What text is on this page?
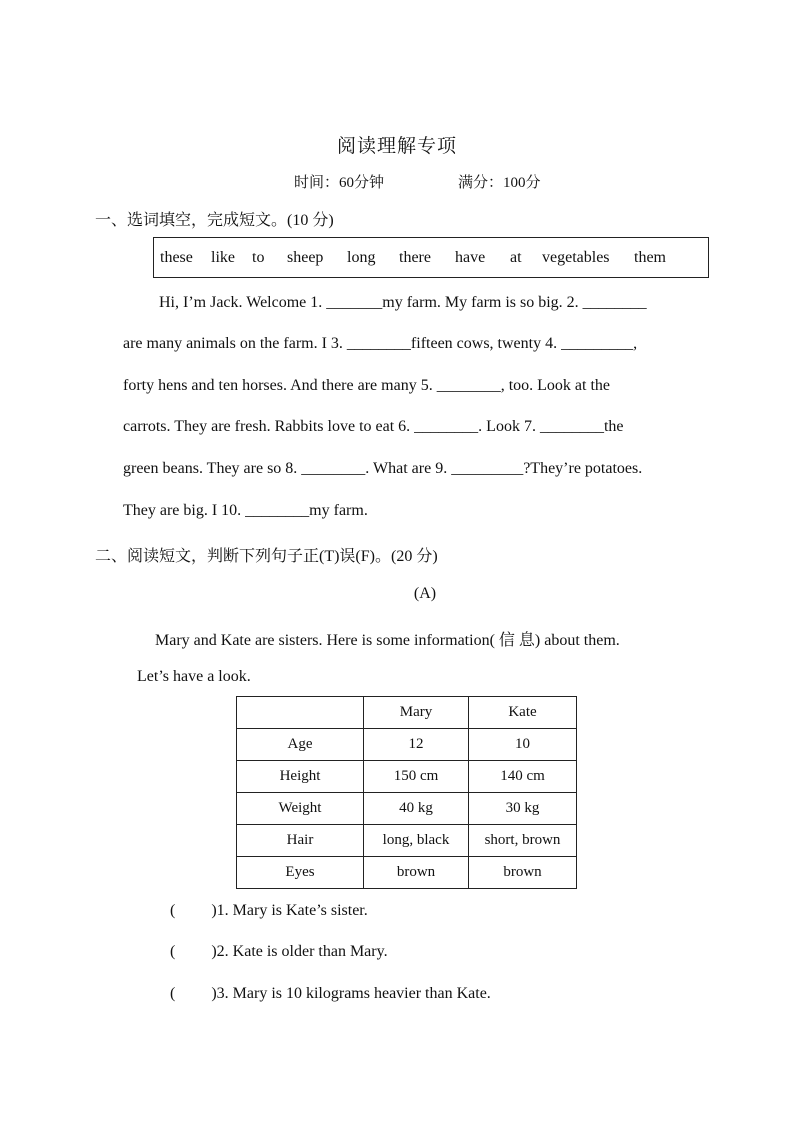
阅读理解专项
时间：60分钟	满分：100分
一、选词填空，完成短文。(10 分)
these	like	to	sheep	long	there	have	at	vegetables	them
Hi, I’m Jack. Welcome 1. _______my farm. My farm is so big. 2. ________
are many animals on the farm. I 3. ________fifteen cows, twenty 4. _________,
forty hens and ten horses. And there are many 5. ________, too. Look at the
carrots. They are fresh. Rabbits love to eat 6. ________. Look 7. ________the
green beans. They are so 8. ________. What are 9. _________?They’re potatoes.
They are big. I 10. ________my farm.
二、阅读短文，判断下列句子正(T)误(F)。(20 分)
(A)
Mary and Kate are sisters. Here is some information( 信 息) about them.
Let’s have a look.
	Mary	Kate
Age	12	10
Height	150 cm	140 cm
Weight	40 kg	30 kg
Hair	long, black	short, brown
Eyes	brown	brown
( )1. Mary is Kate’s sister.
( )2. Kate is older than Mary.
( )3. Mary is 10 kilograms heavier than Kate.
